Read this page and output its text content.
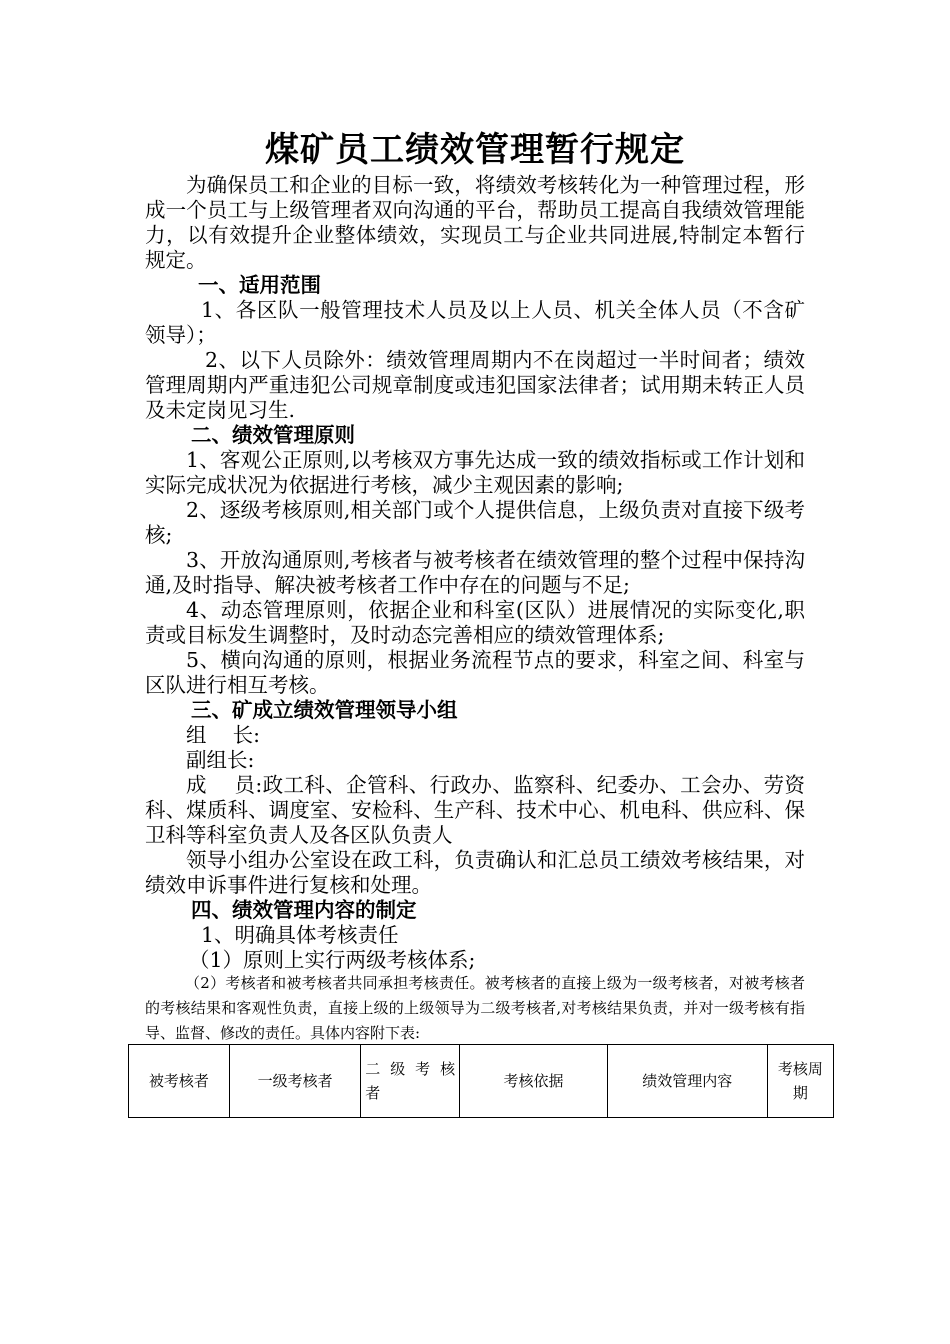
煤矿员工绩效管理暂行规定

为确保员工和企业的目标一致，将绩效考核转化为一种管理过程，形成一个员工与上级管理者双向沟通的平台，帮助员工提高自我绩效管理能力，以有效提升企业整体绩效，实现员工与企业共同进展,特制定本暂行规定。

一、适用范围

1、各区队一般管理技术人员及以上人员、机关全体人员（不含矿领导）；

2、以下人员除外：绩效管理周期内不在岗超过一半时间者；绩效管理周期内严重违犯公司规章制度或违犯国家法律者；试用期未转正人员及未定岗见习生.

二、绩效管理原则

1、客观公正原则,以考核双方事先达成一致的绩效指标或工作计划和实际完成状况为依据进行考核，减少主观因素的影响;

2、逐级考核原则,相关部门或个人提供信息，上级负责对直接下级考核;

3、开放沟通原则,考核者与被考核者在绩效管理的整个过程中保持沟通,及时指导、解决被考核者工作中存在的问题与不足;

4、动态管理原则，依据企业和科室(区队）进展情况的实际变化,职责或目标发生调整时，及时动态完善相应的绩效管理体系;

5、横向沟通的原则，根据业务流程节点的要求，科室之间、科室与区队进行相互考核。

三、矿成立绩效管理领导小组

组    长:

副组长:

成    员:政工科、企管科、行政办、监察科、纪委办、工会办、劳资科、煤质科、调度室、安检科、生产科、技术中心、机电科、供应科、保卫科等科室负责人及各区队负责人

领导小组办公室设在政工科，负责确认和汇总员工绩效考核结果，对绩效申诉事件进行复核和处理。

四、绩效管理内容的制定

1、明确具体考核责任

（1）原则上实行两级考核体系;

（2）考核者和被考核者共同承担考核责任。被考核者的直接上级为一级考核者，对被考核者的考核结果和客观性负责，直接上级的上级领导为二级考核者,对考核结果负责，并对一级考核有指导、监督、修改的责任。具体内容附下表:

被考核者	一级考核者	二 级 考 核 者	考核依据	绩效管理内容	考核周期
